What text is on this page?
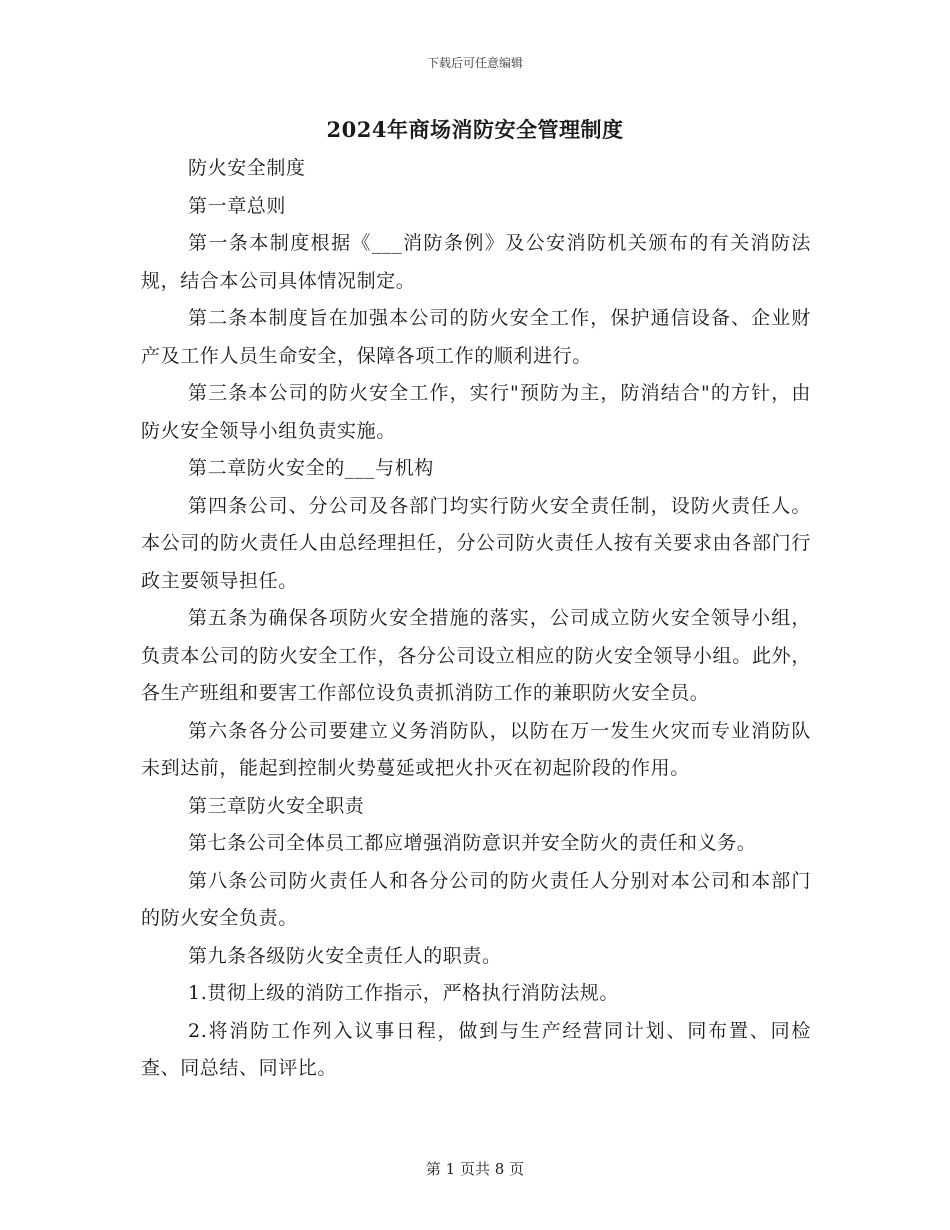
下载后可任意编辑
2024年商场消防安全管理制度

防火安全制度

第一章总则

第一条本制度根据《___消防条例》及公安消防机关颁布的有关消防法规，结合本公司具体情况制定。

第二条本制度旨在加强本公司的防火安全工作，保护通信设备、企业财产及工作人员生命安全，保障各项工作的顺利进行。

第三条本公司的防火安全工作，实行"预防为主，防消结合"的方针，由防火安全领导小组负责实施。

第二章防火安全的___与机构

第四条公司、分公司及各部门均实行防火安全责任制，设防火责任人。本公司的防火责任人由总经理担任，分公司防火责任人按有关要求由各部门行政主要领导担任。

第五条为确保各项防火安全措施的落实，公司成立防火安全领导小组，负责本公司的防火安全工作，各分公司设立相应的防火安全领导小组。此外，各生产班组和要害工作部位设负责抓消防工作的兼职防火安全员。

第六条各分公司要建立义务消防队，以防在万一发生火灾而专业消防队未到达前，能起到控制火势蔓延或把火扑灭在初起阶段的作用。

第三章防火安全职责

第七条公司全体员工都应增强消防意识并安全防火的责任和义务。

第八条公司防火责任人和各分公司的防火责任人分别对本公司和本部门的防火安全负责。

第九条各级防火安全责任人的职责。

1.贯彻上级的消防工作指示，严格执行消防法规。

2.将消防工作列入议事日程，做到与生产经营同计划、同布置、同检查、同总结、同评比。

第 1 页共 8 页
